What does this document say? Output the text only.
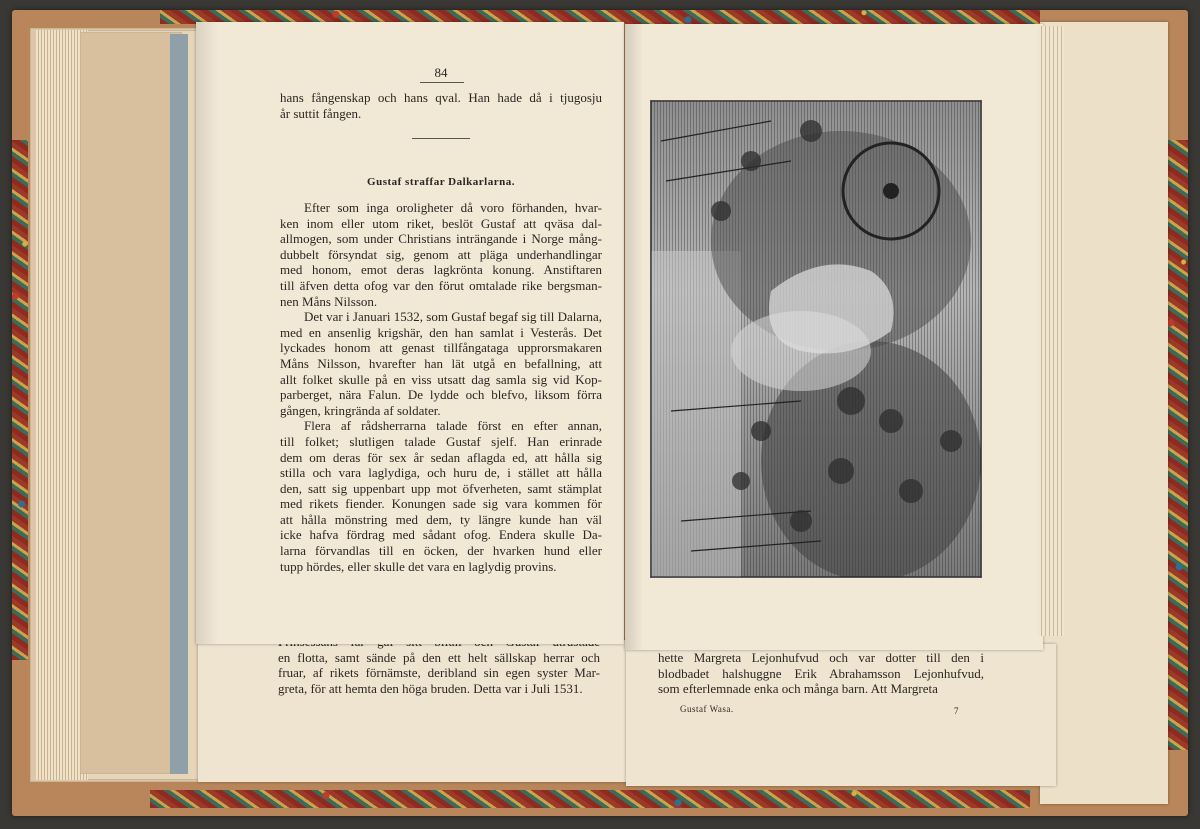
en flotta, samt sände på den ett helt sällskap herrar och
fruar, af rikets förnämste, deribland sin egen syster Mar-
greta, för att hemta den höga bruden. Detta var i Juli 1531.
hette Margreta Lejonhufvud och var dotter till den i
blodbadet halshuggne Erik Abrahamsson Lejonhufvud,
som efterlemnade enka och många barn. Att Margreta
Gustaf Wasa.	7
84
hans fångenskap och hans qval. Han hade då i tjugosju
år suttit fången.
Gustaf straffar Dalkarlarna.
Efter som inga oroligheter då voro förhanden, hvar-
ken inom eller utom riket, beslöt Gustaf att qväsa dal-
allmogen, som under Christians inträngande i Norge mång-
dubbelt försyndat sig, genom att pläga underhandlingar
med honom, emot deras lagkrönta konung. Anstiftaren
till äfven detta ofog var den förut omtalade rike bergsman-
nen Måns Nilsson.
Det var i Januari 1532, som Gustaf begaf sig till Dalarna,
med en ansenlig krigshär, den han samlat i Vesterås. Det
lyckades honom att genast tillfångataga upprorsmakaren
Måns Nilsson, hvarefter han lät utgå en befallning, att
allt folket skulle på en viss utsatt dag samla sig vid Kop-
parberget, nära Falun. De lydde och blefvo, liksom förra
gången, kringrända af soldater.
Flera af rådsherrarna talade först en efter annan,
till folket; slutligen talade Gustaf sjelf. Han erinrade
dem om deras för sex år sedan aflagda ed, att hålla sig
stilla och vara laglydiga, och huru de, i stället att hålla
den, satt sig uppenbart upp mot öfverheten, samt stämplat
med rikets fiender. Konungen sade sig vara kommen för
att hålla mönstring med dem, ty längre kunde han väl
icke hafva fördrag med sådant ofog. Endera skulle Da-
larna förvandlas till en öcken, der hvarken hund eller
tupp hördes, eller skulle det vara en laglydig provins.
